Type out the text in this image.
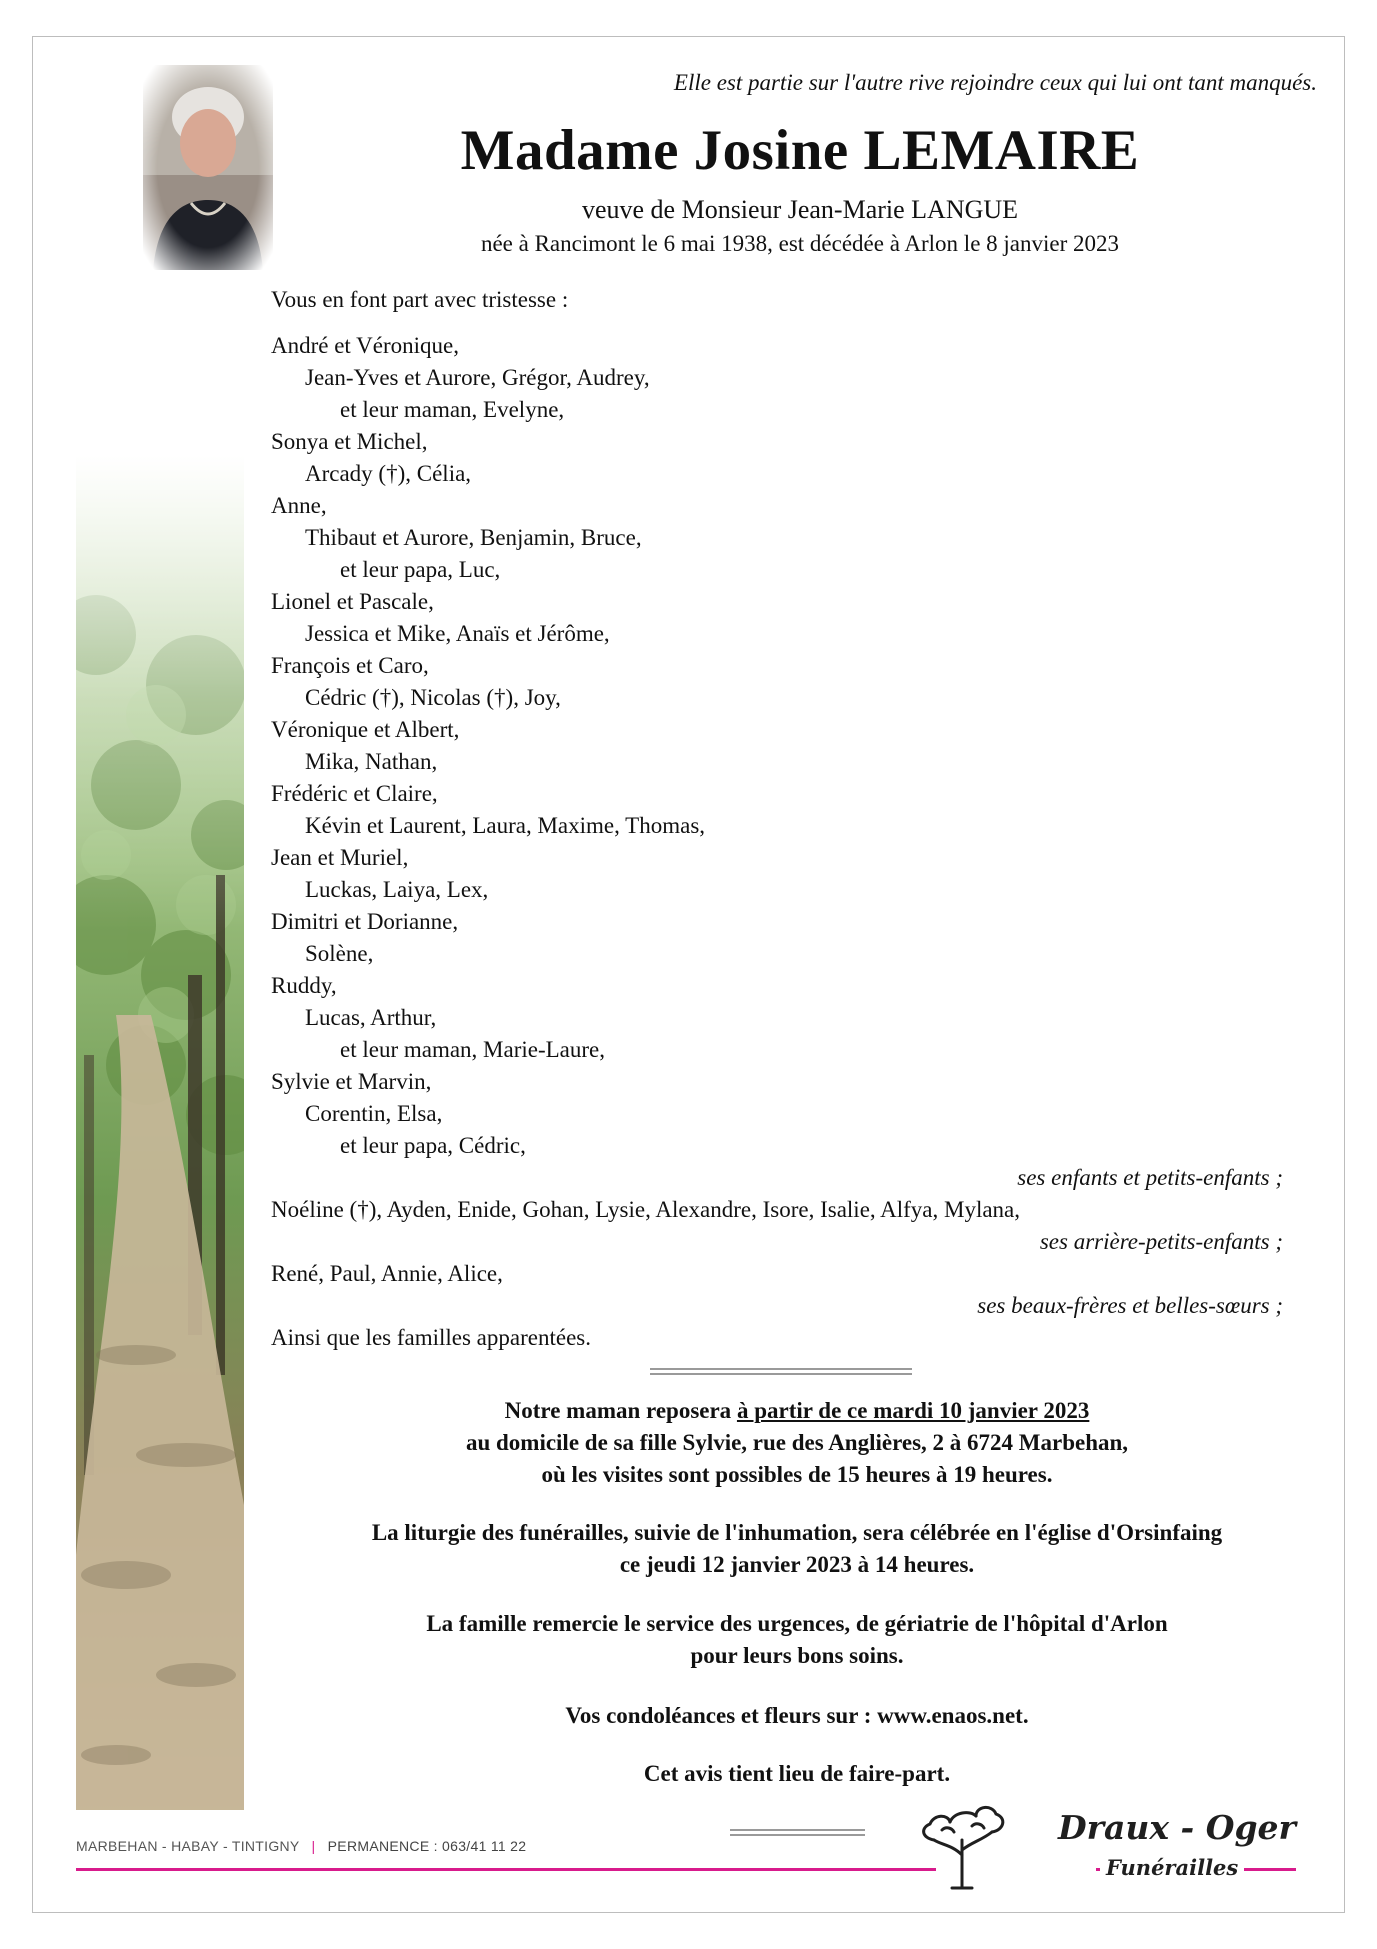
Elle est partie sur l'autre rive rejoindre ceux qui lui ont tant manqués.
Madame Josine LEMAIRE
veuve de Monsieur Jean-Marie LANGUE
née à Rancimont le 6 mai 1938, est décédée à Arlon le 8 janvier 2023
Vous en font part avec tristesse :
André et Véronique,
Jean-Yves et Aurore, Grégor, Audrey,
et leur maman, Evelyne,
Sonya et Michel,
Arcady (†), Célia,
Anne,
Thibaut et Aurore, Benjamin, Bruce,
et leur papa, Luc,
Lionel et Pascale,
Jessica et Mike, Anaïs et Jérôme,
François et Caro,
Cédric (†), Nicolas (†), Joy,
Véronique et Albert,
Mika, Nathan,
Frédéric et Claire,
Kévin et Laurent, Laura, Maxime, Thomas,
Jean et Muriel,
Luckas, Laiya, Lex,
Dimitri et Dorianne,
Solène,
Ruddy,
Lucas, Arthur,
et leur maman, Marie-Laure,
Sylvie et Marvin,
Corentin, Elsa,
et leur papa, Cédric,
ses enfants et petits-enfants ;
Noéline (†), Ayden, Enide, Gohan, Lysie, Alexandre, Isore, Isalie, Alfya, Mylana,
ses arrière-petits-enfants ;
René, Paul, Annie, Alice,
ses beaux-frères et belles-sœurs ;
Ainsi que les familles apparentées.

Notre maman reposera à partir de ce mardi 10 janvier 2023

au domicile de sa fille Sylvie, rue des Anglières, 2 à 6724 Marbehan,

où les visites sont possibles de 15 heures à 19 heures.

La liturgie des funérailles, suivie de l'inhumation, sera célébrée en l'église d'Orsinfaing

ce jeudi 12 janvier 2023 à 14 heures.

La famille remercie le service des urgences, de gériatrie de l'hôpital d'Arlon

pour leurs bons soins.

Vos condoléances et fleurs sur : www.enaos.net.
Cet avis tient lieu de faire-part.
MARBEHAN - HABAY - TINTIGNY | PERMANENCE : 063/41 11 22	Draux - Oger
Funérailles
